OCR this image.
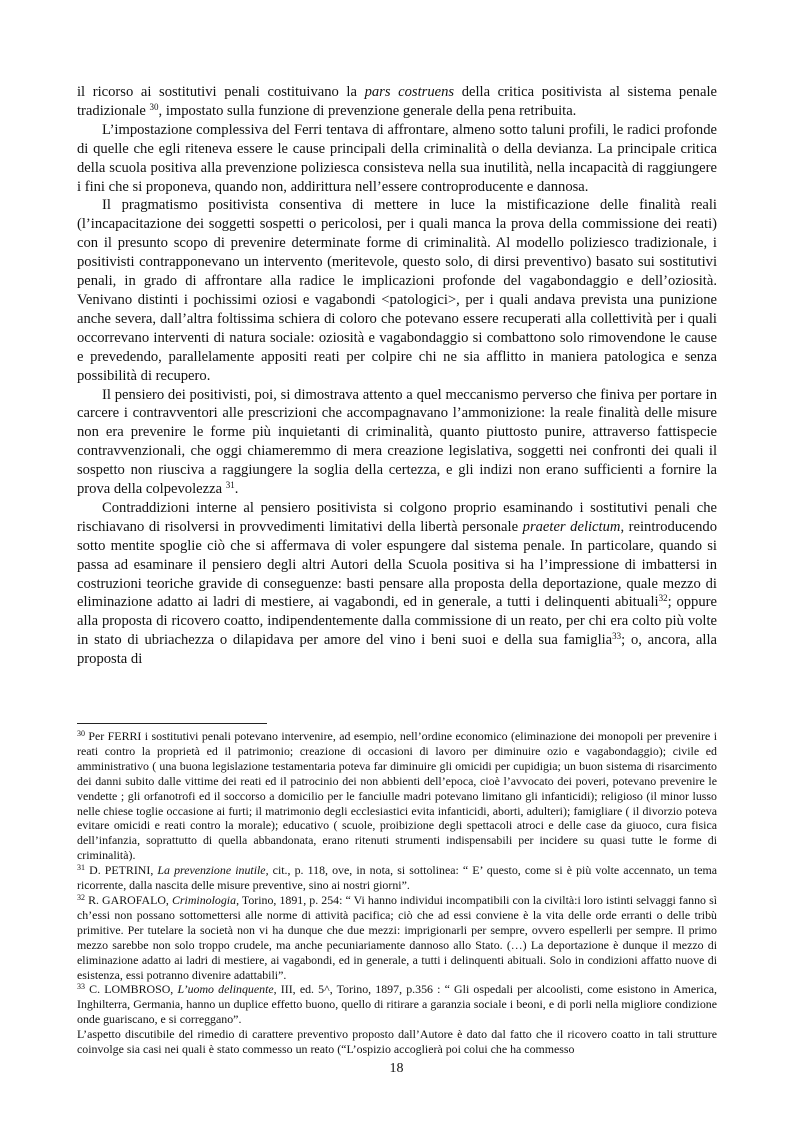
il ricorso ai sostitutivi penali costituivano la pars costruens della critica positivista al sistema penale tradizionale $^{30}$, impostato sulla funzione di prevenzione generale della pena retribuita.

L’impostazione complessiva del Ferri tentava di affrontare, almeno sotto taluni profili, le radici profonde di quelle che egli riteneva essere le cause principali della criminalità o della devianza. La principale critica della scuola positiva alla prevenzione poliziesca consisteva nella sua inutilità, nella incapacità di raggiungere i fini che si proponeva, quando non, addirittura nell’essere controproducente e dannosa.

Il pragmatismo positivista consentiva di mettere in luce la mistificazione delle finalità reali (l’incapacitazione dei soggetti sospetti o pericolosi, per i quali manca la prova della commissione dei reati) con il presunto scopo di prevenire determinate forme di criminalità. Al modello poliziesco tradizionale, i positivisti contrapponevano un intervento (meritevole, questo solo, di dirsi preventivo) basato sui sostitutivi penali, in grado di affrontare alla radice le implicazioni profonde del vagabondaggio e dell’oziosità. Venivano distinti i pochissimi oziosi e vagabondi <patologici>, per i quali andava prevista una punizione anche severa, dall’altra foltissima schiera di coloro che potevano essere recuperati alla collettività per i quali occorrevano interventi di natura sociale: oziosità e vagabondaggio si combattono solo rimovendone le cause e prevedendo, parallelamente appositi reati per colpire chi ne sia afflitto in maniera patologica e senza possibilità di recupero.

Il pensiero dei positivisti, poi, si dimostrava attento a quel meccanismo perverso che finiva per portare in carcere i contravventori alle prescrizioni che accompagnavano l’ammonizione: la reale finalità delle misure non era prevenire le forme più inquietanti di criminalità, quanto piuttosto punire, attraverso fattispecie contravvenzionali, che oggi chiameremmo di mera creazione legislativa, soggetti nei confronti dei quali il sospetto non riusciva a raggiungere la soglia della certezza, e gli indizi non erano sufficienti a fornire la prova della colpevolezza $^{31}$.

Contraddizioni interne al pensiero positivista si colgono proprio esaminando i sostitutivi penali che rischiavano di risolversi in provvedimenti limitativi della libertà personale praeter delictum, reintroducendo sotto mentite spoglie ciò che si affermava di voler espungere dal sistema penale. In particolare, quando si passa ad esaminare il pensiero degli altri Autori della Scuola positiva si ha l’impressione di imbattersi in costruzioni teoriche gravide di conseguenze: basti pensare alla proposta della deportazione, quale mezzo di eliminazione adatto ai ladri di mestiere, ai vagabondi, ed in generale, a tutti i delinquenti abituali$^{32}$; oppure alla proposta di ricovero coatto, indipendentemente dalla commissione di un reato, per chi era colto più volte in stato di ubriachezza o dilapidava per amore del vino i beni suoi e della sua famiglia$^{33}$; o, ancora, alla proposta di

$^{30}$ Per FERRI i sostitutivi penali potevano intervenire, ad esempio, nell’ordine economico (eliminazione dei monopoli per prevenire i reati contro la proprietà ed il patrimonio; creazione di occasioni di lavoro per diminuire ozio e vagabondaggio); civile ed amministrativo ( una buona legislazione testamentaria poteva far diminuire gli omicidi per cupidigia; un buon sistema di risarcimento dei danni subito dalle vittime dei reati ed il patrocinio dei non abbienti dell’epoca, cioè l’avvocato dei poveri, potevano prevenire le vendette ; gli orfanotrofi ed il soccorso a domicilio per le fanciulle madri potevano limitano gli infanticidi); religioso (il minor lusso nelle chiese toglie occasione ai furti; il matrimonio degli ecclesiastici evita infanticidi, aborti, adulteri); famigliare ( il divorzio poteva evitare omicidi e reati contro la morale); educativo ( scuole, proibizione degli spettacoli atroci e delle case da giuoco, cura fisica dell’infanzia, soprattutto di quella abbandonata, erano ritenuti strumenti indispensabili per incidere su quasi tutte le forme di criminalità).

$^{31}$ D. PETRINI, La prevenzione inutile, cit., p. 118, ove, in nota, si sottolinea: “ E’ questo, come si è più volte accennato, un tema ricorrente, dalla nascita delle misure preventive, sino ai nostri giorni”.

$^{32}$ R. GAROFALO, Criminologia, Torino, 1891, p. 254: “ Vi hanno individui incompatibili con la civiltà:i loro istinti selvaggi fanno sì ch’essi non possano sottomettersi alle norme di attività pacifica; ciò che ad essi conviene è la vita delle orde erranti o delle tribù primitive. Per tutelare la società non vi ha dunque che due mezzi: imprigionarli per sempre, ovvero espellerli per sempre. Il primo mezzo sarebbe non solo troppo crudele, ma anche pecuniariamente dannoso allo Stato. (…) La deportazione è dunque il mezzo di eliminazione adatto ai ladri di mestiere, ai vagabondi, ed in generale, a tutti i delinquenti abituali. Solo in condizioni affatto nuove di esistenza, essi potranno divenire adattabili”.

$^{33}$ C. LOMBROSO, L’uomo delinquente, III, ed. 5^, Torino, 1897, p.356 : “ Gli ospedali per alcoolisti, come esistono in America, Inghilterra, Germania, hanno un duplice effetto buono, quello di ritirare a garanzia sociale i beoni, e di porli nella migliore condizione onde guariscano, e si correggano”.

L’aspetto discutibile del rimedio di carattere preventivo proposto dall’Autore è dato dal fatto che il ricovero coatto in tali strutture coinvolge sia casi nei quali è stato commesso un reato (“L’ospizio accoglierà poi colui che ha commesso

18
